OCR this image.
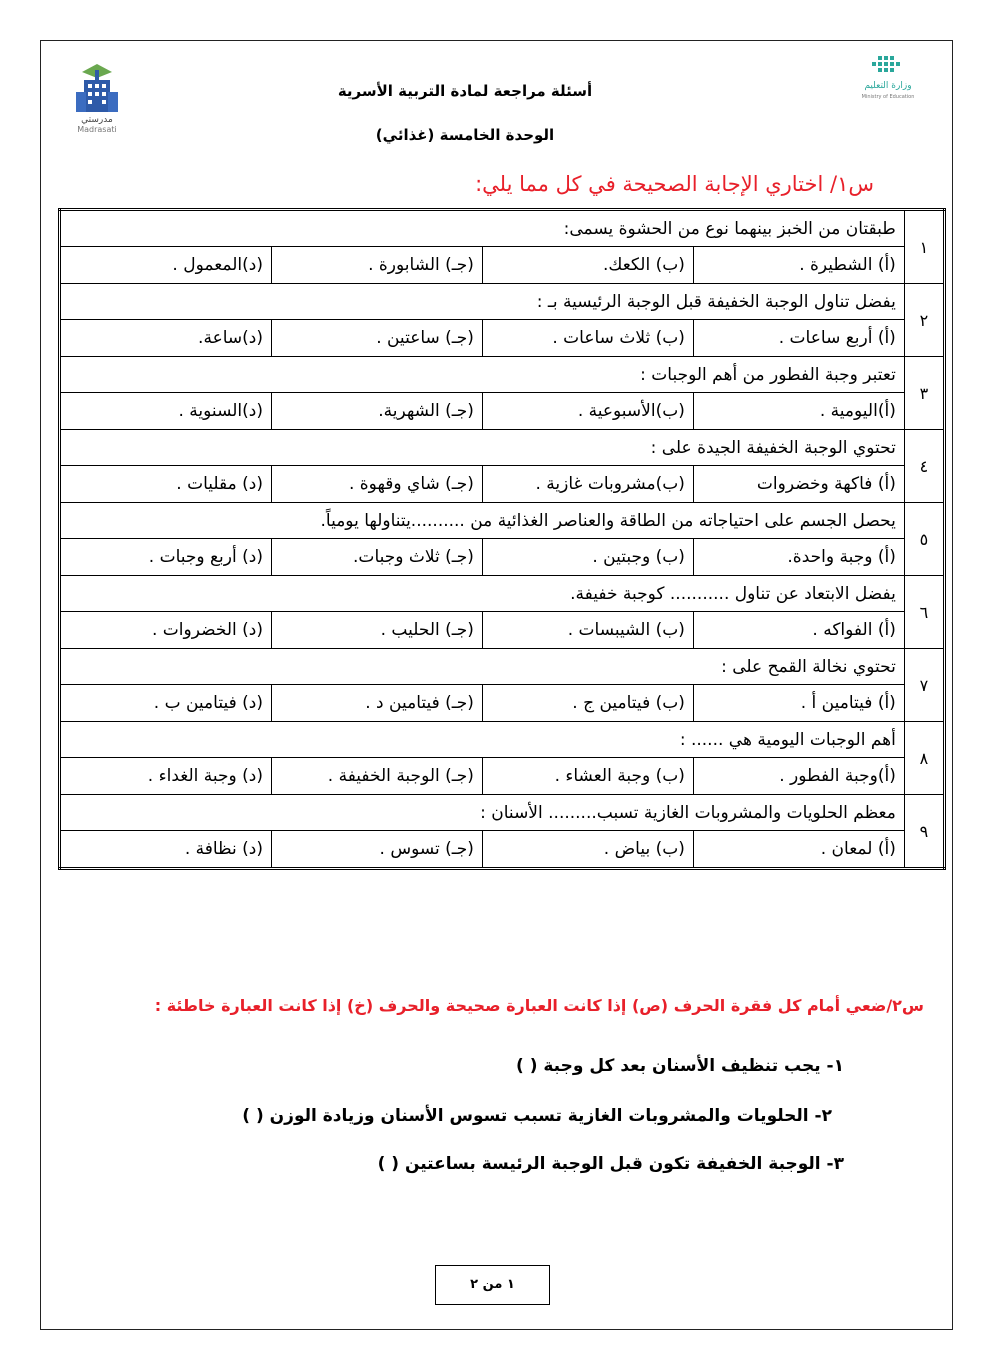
وزارة التعليم
Ministry of Education
مدرستي
Madrasati
أسئلة مراجعة لمادة التربية الأسرية
الوحدة الخامسة (غذائي)
س١/ اختاري الإجابة الصحيحة في كل مما يلي:
١	طبقتان من الخبز بينهما نوع من الحشوة يسمى:			
	(أ) الشطيرة .	(ب) الكعك.	(جـ) الشابورة .	(د)المعمول .
٢	يفضل تناول الوجبة الخفيفة قبل الوجبة الرئيسية بـ :			
	(أ) أربع ساعات .	(ب) ثلاث ساعات .	(جـ) ساعتين .	(د)ساعة.
٣	تعتبر وجبة الفطور من أهم الوجبات :			
	(أ)اليومية .	(ب)الأسبوعية .	(جـ) الشهرية.	(د)السنوية .
٤	تحتوي الوجبة الخفيفة الجيدة على :			
	(أ) فاكهة وخضروات	(ب)مشروبات غازية .	(جـ) شاي وقهوة .	(د) مقليات .
٥	يحصل الجسم على احتياجاته من الطاقة والعناصر الغذائية من ..........يتناولها يومياً.			
	(أ) وجبة واحدة.	(ب) وجبتين .	(جـ) ثلاث وجبات.	(د) أربع وجبات .
٦	يفضل الابتعاد عن تناول ........... كوجبة خفيفة.			
	(أ) الفواكه .	(ب) الشيبسات .	(جـ) الحليب .	(د) الخضروات .
٧	تحتوي نخالة القمح على :			
	(أ) فيتامين أ .	(ب) فيتامين ج .	(جـ) فيتامين د .	(د) فيتامين ب .
٨	أهم الوجبات اليومية هي ...... :			
	(أ)وجبة الفطور .	(ب) وجبة العشاء .	(جـ) الوجبة الخفيفة .	(د) وجبة الغداء .
٩	معظم الحلويات والمشروبات الغازية تسبب......... الأسنان :			
	(أ) لمعان .	(ب) بياض .	(جـ) تسوس .	(د) نظافة .
س٢/ضعي أمام كل فقرة الحرف (ص) إذا كانت العبارة صحيحة والحرف (خ) إذا كانت العبارة خاطئة :
١- يجب تنظيف الأسنان بعد كل وجبة ( )
٢- الحلويات والمشروبات الغازية تسبب تسوس الأسنان وزيادة الوزن ( )
٣- الوجبة الخفيفة تكون قبل الوجبة الرئيسة بساعتين ( )
١ من ٢
